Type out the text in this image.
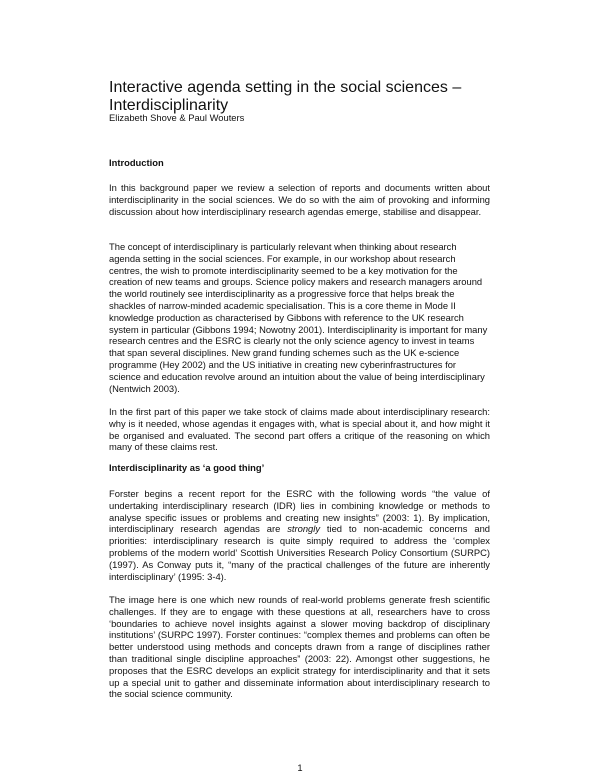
Interactive agenda setting in the social sciences – Interdisciplinarity
Elizabeth Shove & Paul Wouters
Introduction
In this background paper we review a selection of reports and documents written about interdisciplinarity in the social sciences. We do so with the aim of provoking and informing discussion about how interdisciplinary research agendas emerge, stabilise and disappear.
The concept of interdisciplinary is particularly relevant when thinking about research agenda setting in the social sciences. For example, in our workshop about research centres, the wish to promote interdisciplinarity seemed to be a key motivation for the creation of new teams and groups. Science policy makers and research managers around the world routinely see interdisciplinarity as a progressive force that helps break the shackles of narrow-minded academic specialisation. This is a core theme in Mode II knowledge production as characterised by Gibbons with reference to the UK research system in particular (Gibbons 1994; Nowotny 2001). Interdisciplinarity is important for many research centres and the ESRC is clearly not the only science agency to invest in teams that span several disciplines. New grand funding schemes such as the UK e-science programme (Hey 2002) and the US initiative in creating new cyberinfrastructures for science and education revolve around an intuition about the value of being interdisciplinary (Nentwich 2003).
In the first part of this paper we take stock of claims made about interdisciplinary research: why is it needed, whose agendas it engages with, what is special about it, and how might it be organised and evaluated. The second part offers a critique of the reasoning on which many of these claims rest.
Interdisciplinarity as ‘a good thing’
Forster begins a recent report for the ESRC with the following words “the value of undertaking interdisciplinary research (IDR) lies in combining knowledge or methods to analyse specific issues or problems and creating new insights” (2003: 1). By implication, interdisciplinary research agendas are strongly tied to non-academic concerns and priorities: interdisciplinary research is quite simply required to address the ‘complex problems of the modern world’ Scottish Universities Research Policy Consortium (SURPC) (1997). As Conway puts it, “many of the practical challenges of the future are inherently interdisciplinary’ (1995: 3-4).
The image here is one which new rounds of real-world problems generate fresh scientific challenges. If they are to engage with these questions at all, researchers have to cross ‘boundaries to achieve novel insights against a slower moving backdrop of disciplinary institutions’ (SURPC 1997). Forster continues: “complex themes and problems can often be better understood using methods and concepts drawn from a range of disciplines rather than traditional single discipline approaches” (2003: 22). Amongst other suggestions, he proposes that the ESRC develops an explicit strategy for interdisciplinarity and that it sets up a special unit to gather and disseminate information about interdisciplinary research to the social science community.
1
